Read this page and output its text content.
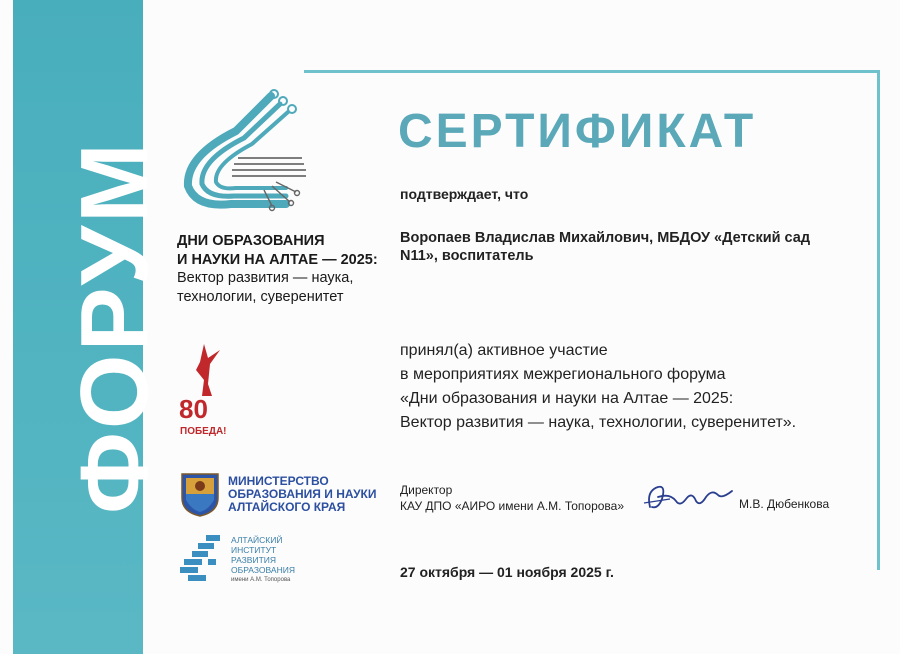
ФОРУМ ДНИ ОБРАЗОВАНИЯ
И НАУКИ НА АЛТАЕ — 2025:
Вектор развития — наука,
технологии, суверенитет
80
ПОБЕДА!
МИНИСТЕРСТВО
ОБРАЗОВАНИЯ И НАУКИ
АЛТАЙСКОГО КРАЯ
АЛТАЙСКИЙ
ИНСТИТУТ
РАЗВИТИЯ
ОБРАЗОВАНИЯ
имени А.М. Топорова
СЕРТИФИКАТ
подтверждает, что
Воропаев Владислав Михайлович, МБДОУ «Детский сад
N11», воспитатель
принял(а) активное участие
в мероприятиях межрегионального форума
«Дни образования и науки на Алтае — 2025:
Вектор развития — наука, технологии, суверенитет».
Директор
КАУ ДПО «АИРО имени А.М. Топорова»	М.В. Дюбенкова
27 октября — 01 ноября 2025 г.
